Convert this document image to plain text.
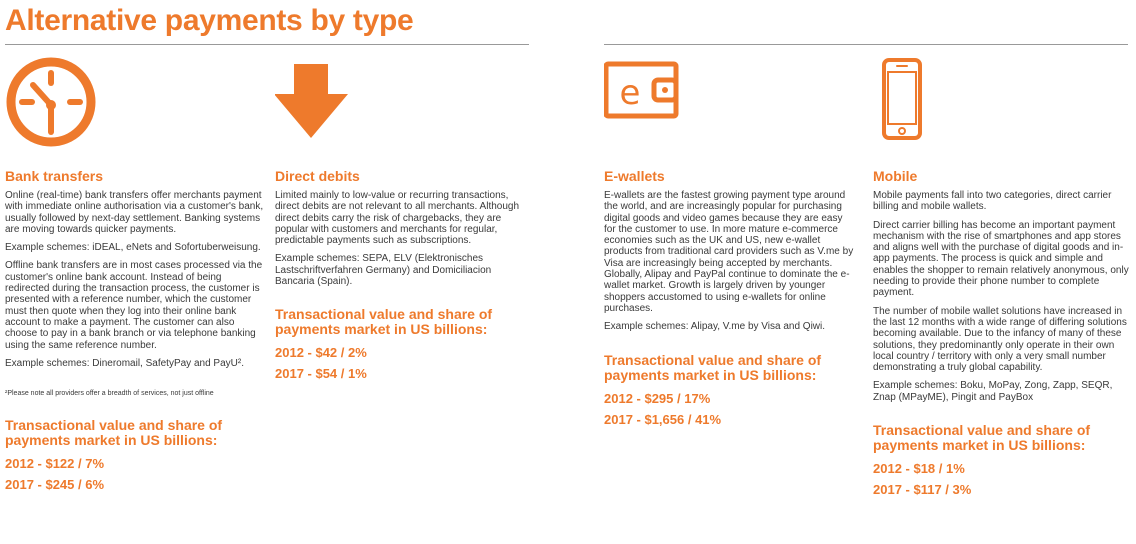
Alternative payments by type
Bank transfers

Online (real-time) bank transfers offer merchants payment with immediate online authorisation via a customer's bank, usually followed by next-day settlement. Banking systems are moving towards quicker payments.

Example schemes: iDEAL, eNets and Sofortuberweisung.

Offline bank transfers are in most cases processed via the customer's online bank account. Instead of being redirected during the transaction process, the customer is presented with a reference number, which the customer must then quote when they log into their online bank account to make a payment. The customer can also choose to pay in a bank branch or via telephone banking using the same reference number.

Example schemes: Dineromail, SafetyPay and PayU².

²Please note all providers offer a breadth of services, not just offline

Transactional value and share of payments market in US billions:
2012 - $122 / 7%
2017 - $245 / 6%
Direct debits

Limited mainly to low-value or recurring transactions, direct debits are not relevant to all merchants. Although direct debits carry the risk of chargebacks, they are popular with customers and merchants for regular, predictable payments such as subscriptions.

Example schemes: SEPA, ELV (Elektronisches Lastschriftverfahren Germany) and Domiciliacion Bancaria (Spain).

Transactional value and share of payments market in US billions:
2012 - $42 / 2%
2017 - $54 / 1%
e
E-wallets

E-wallets are the fastest growing payment type around the world, and are increasingly popular for purchasing digital goods and video games because they are easy for the customer to use. In more mature e-commerce economies such as the UK and US, new e-wallet products from traditional card providers such as V.me by Visa are increasingly being accepted by merchants. Globally, Alipay and PayPal continue to dominate the e-wallet market. Growth is largely driven by younger shoppers accustomed to using e-wallets for online purchases.

Example schemes: Alipay, V.me by Visa and Qiwi.

Transactional value and share of payments market in US billions:
2012 - $295 / 17%
2017 - $1,656 / 41%
Mobile

Mobile payments fall into two categories, direct carrier billing and mobile wallets.

Direct carrier billing has become an important payment mechanism with the rise of smartphones and app stores and aligns well with the purchase of digital goods and in-app payments. The process is quick and simple and enables the shopper to remain relatively anonymous, only needing to provide their phone number to complete payment.

The number of mobile wallet solutions have increased in the last 12 months with a wide range of differing solutions becoming available. Due to the infancy of many of these solutions, they predominantly only operate in their own local country / territory with only a very small number demonstrating a truly global capability.

Example schemes: Boku, MoPay, Zong, Zapp, SEQR, Znap (MPayME), Pingit and PayBox

Transactional value and share of payments market in US billions:
2012 - $18 / 1%
2017 - $117 / 3%
